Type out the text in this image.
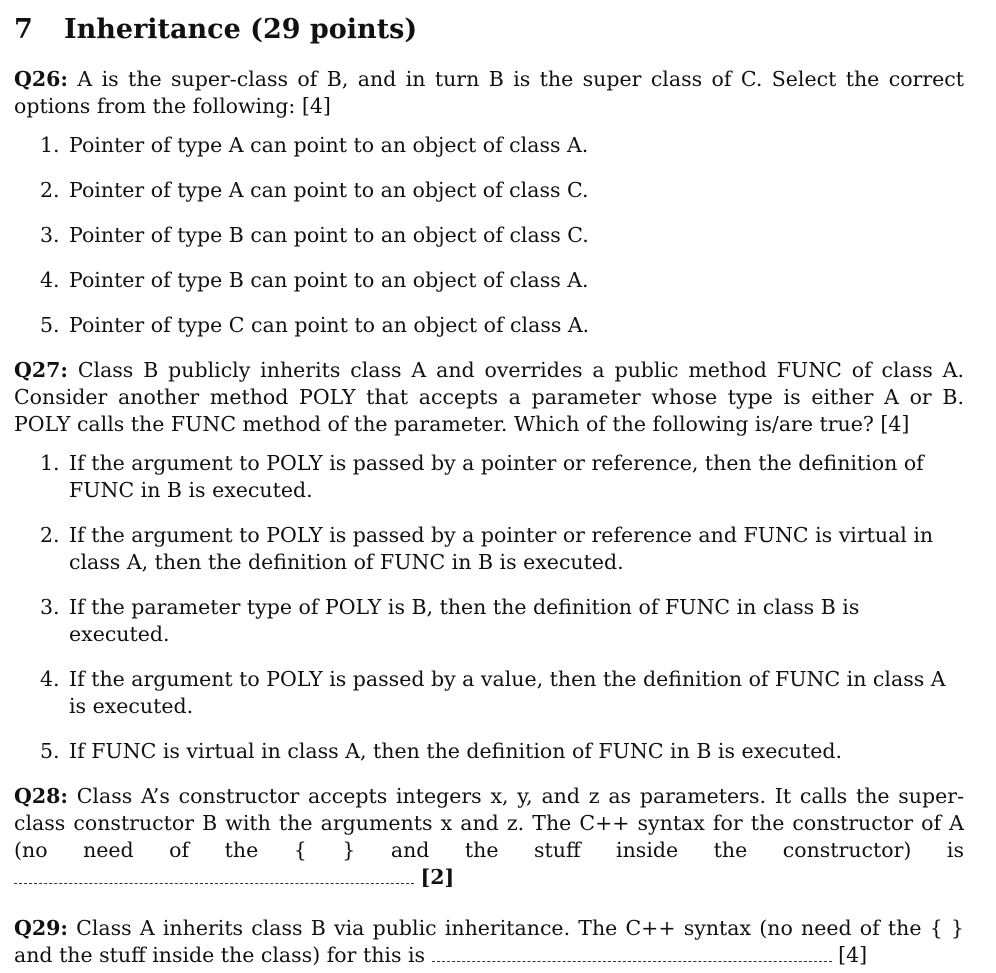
7 Inheritance (29 points)
Q26: A is the super-class of B, and in turn B is the super class of C. Select the correct options from the following: [4]
1. Pointer of type A can point to an object of class A.
2. Pointer of type A can point to an object of class C.
3. Pointer of type B can point to an object of class C.
4. Pointer of type B can point to an object of class A.
5. Pointer of type C can point to an object of class A.
Q27: Class B publicly inherits class A and overrides a public method FUNC of class A. Consider another method POLY that accepts a parameter whose type is either A or B. POLY calls the FUNC method of the parameter. Which of the following is/are true? [4]
1. If the argument to POLY is passed by a pointer or reference, then the definition of FUNC in B is executed.
2. If the argument to POLY is passed by a pointer or reference and FUNC is virtual in class A, then the definition of FUNC in B is executed.
3. If the parameter type of POLY is B, then the definition of FUNC in class B is executed.
4. If the argument to POLY is passed by a value, then the definition of FUNC in class A is executed.
5. If FUNC is virtual in class A, then the definition of FUNC in B is executed.
Q28: Class A’s constructor accepts integers x, y, and z as parameters. It calls the super-class constructor B with the arguments x and z. The C++ syntax for the constructor of A (no need of the { } and the stuff inside the constructor) is  [2]
Q29: Class A inherits class B via public inheritance. The C++ syntax (no need of the { } and the stuff inside the class) for this is	[4]
